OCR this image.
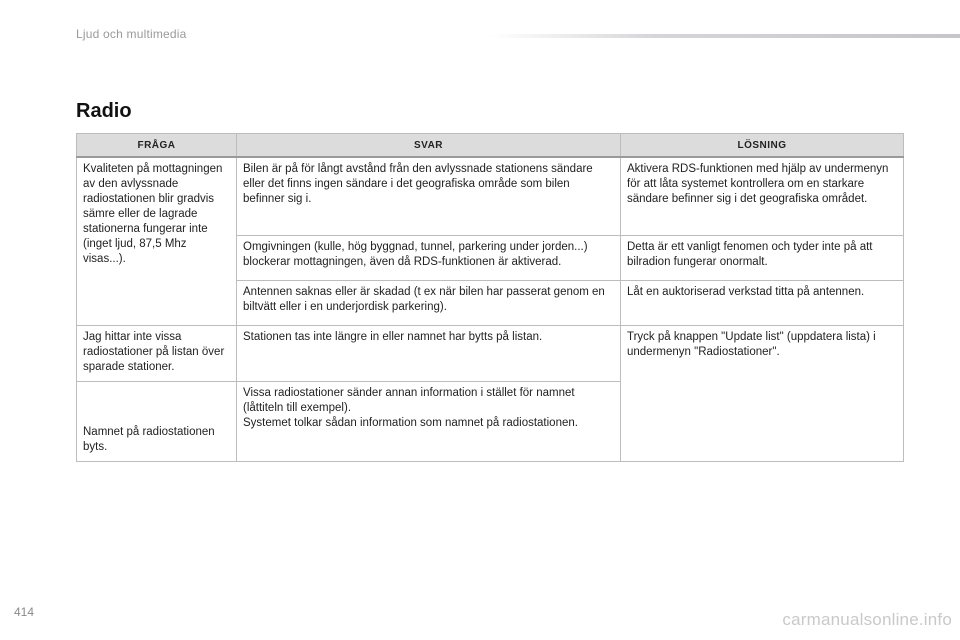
Ljud och multimedia
Radio
FRÅGA	SVAR	LÖSNING
Kvaliteten på mottagningen av den avlyssnade radiostationen blir gradvis sämre eller de lagrade stationerna fungerar inte (inget ljud, 87,5 Mhz visas...).	Bilen är på för långt avstånd från den avlyssnade stationens sändare eller det finns ingen sändare i det geografiska område som bilen befinner sig i.	Aktivera RDS-funktionen med hjälp av undermenyn för att låta systemet kontrollera om en starkare sändare befinner sig i det geografiska området.
	Omgivningen (kulle, hög byggnad, tunnel, parkering under jorden...) blockerar mottagningen, även då RDS-funktionen är aktiverad.	Detta är ett vanligt fenomen och tyder inte på att bilradion fungerar onormalt.
	Antennen saknas eller är skadad (t ex när bilen har passerat genom en biltvätt eller i en underjordisk parkering).	Låt en auktoriserad verkstad titta på antennen.
Jag hittar inte vissa radiostationer på listan över sparade stationer.	Stationen tas inte längre in eller namnet har bytts på listan.	Tryck på knappen "Update list" (uppdatera lista) i undermenyn "Radiostationer".
Namnet på radiostationen byts.	Vissa radiostationer sänder annan information i stället för namnet (låttiteln till exempel).
Systemet tolkar sådan information som namnet på radiostationen.	

414	carmanualsonline.info
